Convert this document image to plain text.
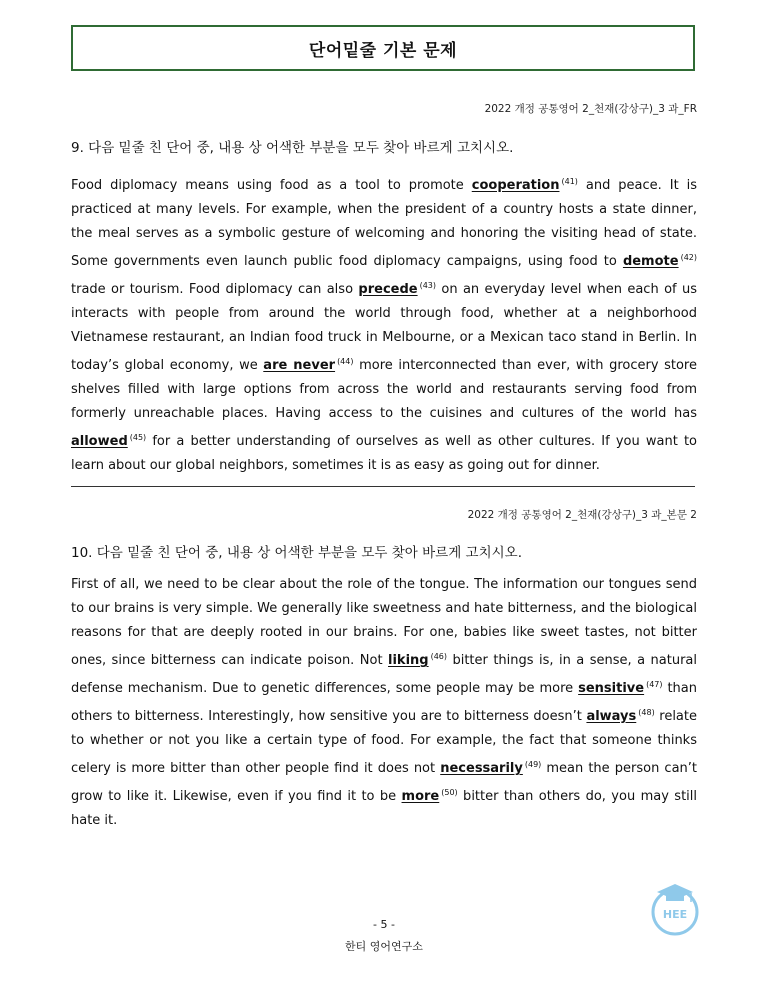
단어밑줄 기본 문제
2022 개정 공통영어 2_천재(강상구)_3 과_FR
9. 다음 밑줄 친 단어 중, 내용 상 어색한 부분을 모두 찾아 바르게 고치시오.

Food diplomacy means using food as a tool to promote cooperation $^{(41)}$ and peace. It is practiced at many levels. For example, when the president of a country hosts a state dinner, the meal serves as a symbolic gesture of welcoming and honoring the visiting head of state. Some governments even launch public food diplomacy campaigns, using food to demote $^{(42)}$ trade or tourism. Food diplomacy can also precede $^{(43)}$ on an everyday level when each of us interacts with people from around the world through food, whether at a neighborhood Vietnamese restaurant, an Indian food truck in Melbourne, or a Mexican taco stand in Berlin. In today’s global economy, we are never $^{(44)}$ more interconnected than ever, with grocery store shelves filled with large options from across the world and restaurants serving food from formerly unreachable places. Having access to the cuisines and cultures of the world has allowed $^{(45)}$ for a better understanding of ourselves as well as other cultures. If you want to learn about our global neighbors, sometimes it is as easy as going out for dinner.

2022 개정 공통영어 2_천재(강상구)_3 과_본문 2
10. 다음 밑줄 친 단어 중, 내용 상 어색한 부분을 모두 찾아 바르게 고치시오.

First of all, we need to be clear about the role of the tongue. The information our tongues send to our brains is very simple. We generally like sweetness and hate bitterness, and the biological reasons for that are deeply rooted in our brains. For one, babies like sweet tastes, not bitter ones, since bitterness can indicate poison. Not liking $^{(46)}$ bitter things is, in a sense, a natural defense mechanism. Due to genetic differences, some people may be more sensitive $^{(47)}$ than others to bitterness. Interestingly, how sensitive you are to bitterness doesn’t always $^{(48)}$ relate to whether or not you like a certain type of food. For example, the fact that someone thinks celery is more bitter than other people find it does not necessarily $^{(49)}$ mean the person can’t grow to like it. Likewise, even if you find it to be more $^{(50)}$ bitter than others do, you may still hate it.

- 5 -
한티 영어연구소
HEE
